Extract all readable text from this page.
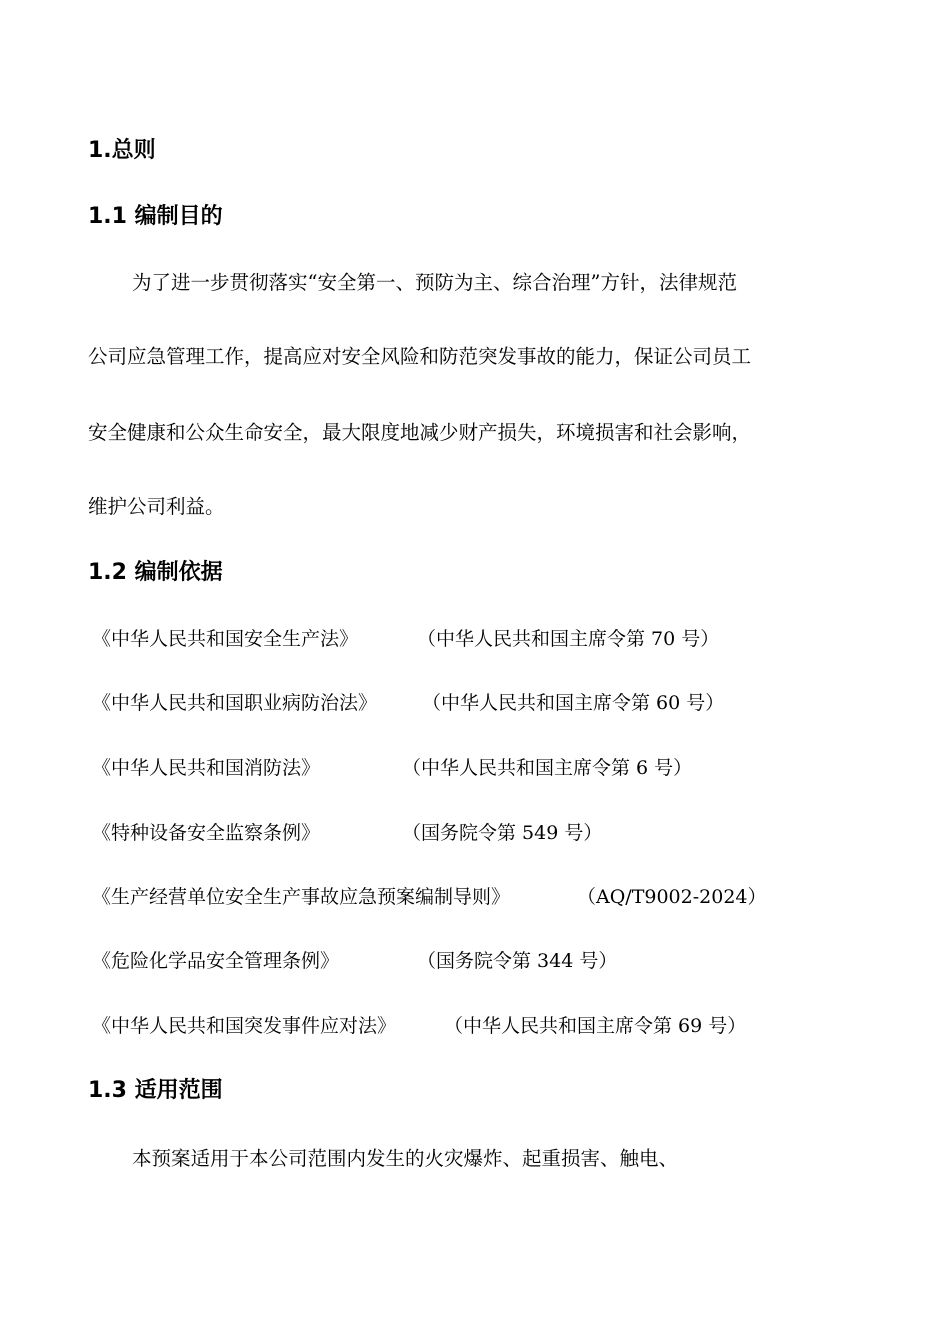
1.总则
1.1 编制目的
为了进一步贯彻落实“安全第一、预防为主、综合治理”方针，法律规范
公司应急管理工作，提高应对安全风险和防范突发事故的能力，保证公司员工
安全健康和公众生命安全，最大限度地减少财产损失，环境损害和社会影响，
维护公司利益。
1.2 编制依据
《中华人民共和国安全生产法》	（中华人民共和国主席令第 70 号）
《中华人民共和国职业病防治法》 （中华人民共和国主席令第 60 号）
《中华人民共和国消防法》	（中华人民共和国主席令第 6 号）
《特种设备安全监察条例》	（国务院令第 549 号）
《生产经营单位安全生产事故应急预案编制导则》	（AQ/T9002-2024）
《危险化学品安全管理条例》	（国务院令第 344 号）
《中华人民共和国突发事件应对法》	（中华人民共和国主席令第 69 号）
1.3 适用范围
本预案适用于本公司范围内发生的火灾爆炸、起重损害、触电、
